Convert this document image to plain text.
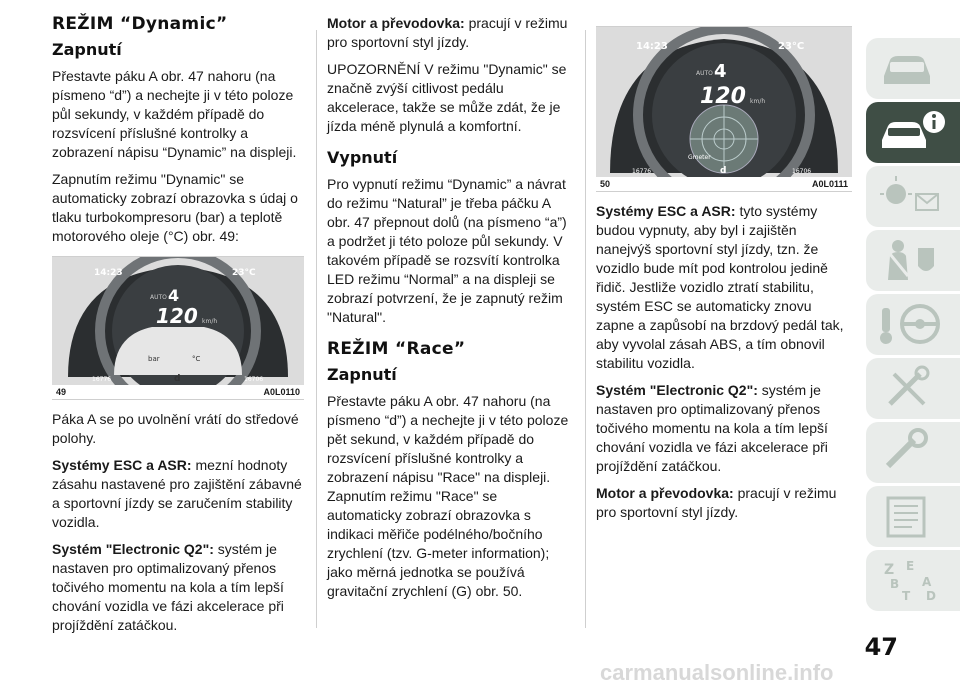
REŽIM “Dynamic”
Zapnutí

Přestavte páku A obr. 47 nahoru (na písmeno “d”) a nechejte ji v této poloze půl sekundy, v každém případě do rozsvícení příslušné kontrolky a zobrazení nápisu “Dynamic” na displeji.

Zapnutím režimu "Dynamic" se automaticky zobrazí obrazovka s údaj o tlaku turbokompresoru (bar) a teplotě motorového oleje (°C) obr. 49:

14:23	23°C
AUTO 4
120 km/h
bar	°C
d
16776	16706
49	A0L0110

Páka A se po uvolnění vrátí do středové polohy.

Systémy ESC a ASR: mezní hodnoty zásahu nastavené pro zajištění zábavné a sportovní jízdy se zaručením stability vozidla.

Systém "Electronic Q2": systém je nastaven pro optimalizovaný přenos točivého momentu na kola a tím lepší chování vozidla ve fázi akcelerace při projíždění zatáčkou.

Motor a převodovka: pracují v režimu pro sportovní styl jízdy.

UPOZORNĚNÍ V režimu "Dynamic" se značně zvýší citlivost pedálu akcelerace, takže se může zdát, že je jízda méně plynulá a komfortní.

Vypnutí

Pro vypnutí režimu “Dynamic” a návrat do režimu “Natural” je třeba páčku A obr. 47 přepnout dolů (na písmeno “a”) a podržet ji této poloze půl sekundy. V takovém případě se rozsvítí kontrolka LED režimu “Normal” a na displeji se zobrazí potvrzení, že je zapnutý režim "Natural".

REŽIM “Race”
Zapnutí

Přestavte páku A obr. 47 nahoru (na písmeno “d”) a nechejte ji v této poloze pět sekund, v každém případě do rozsvícení příslušné kontrolky a zobrazení nápisu "Race" na displeji. Zapnutím režimu "Race" se automaticky zobrazí obrazovka s indikaci měřiče podélného/bočního zrychlení (tzv. G-meter information); jako měrná jednotka se používá gravitační zrychlení (G) obr. 50.

14:23	23°C
AUTO 4
120 km/h
Gmeter
d
16776	16706
50	A0L0111

Systémy ESC a ASR: tyto systémy budou vypnuty, aby byl i zajištěn nanejvýš sportovní styl jízdy, tzn. že vozidlo bude mít pod kontrolou jedině řidič. Jestliže vozidlo ztratí stabilitu, systém ESC se automaticky znovu zapne a zapůsobí na brzdový pedál tak, aby vyvolal zásah ABS, a tím obnovil stabilitu vozidla.

Systém "Electronic Q2": systém je nastaven pro optimalizovaný přenos točivého momentu na kola a tím lepší chování vozidla ve fázi akcelerace při projíždění zatáčkou.

Motor a převodovka: pracují v režimu pro sportovní styl jízdy.

Z E
B A
T D
47
carmanualsonline.info
